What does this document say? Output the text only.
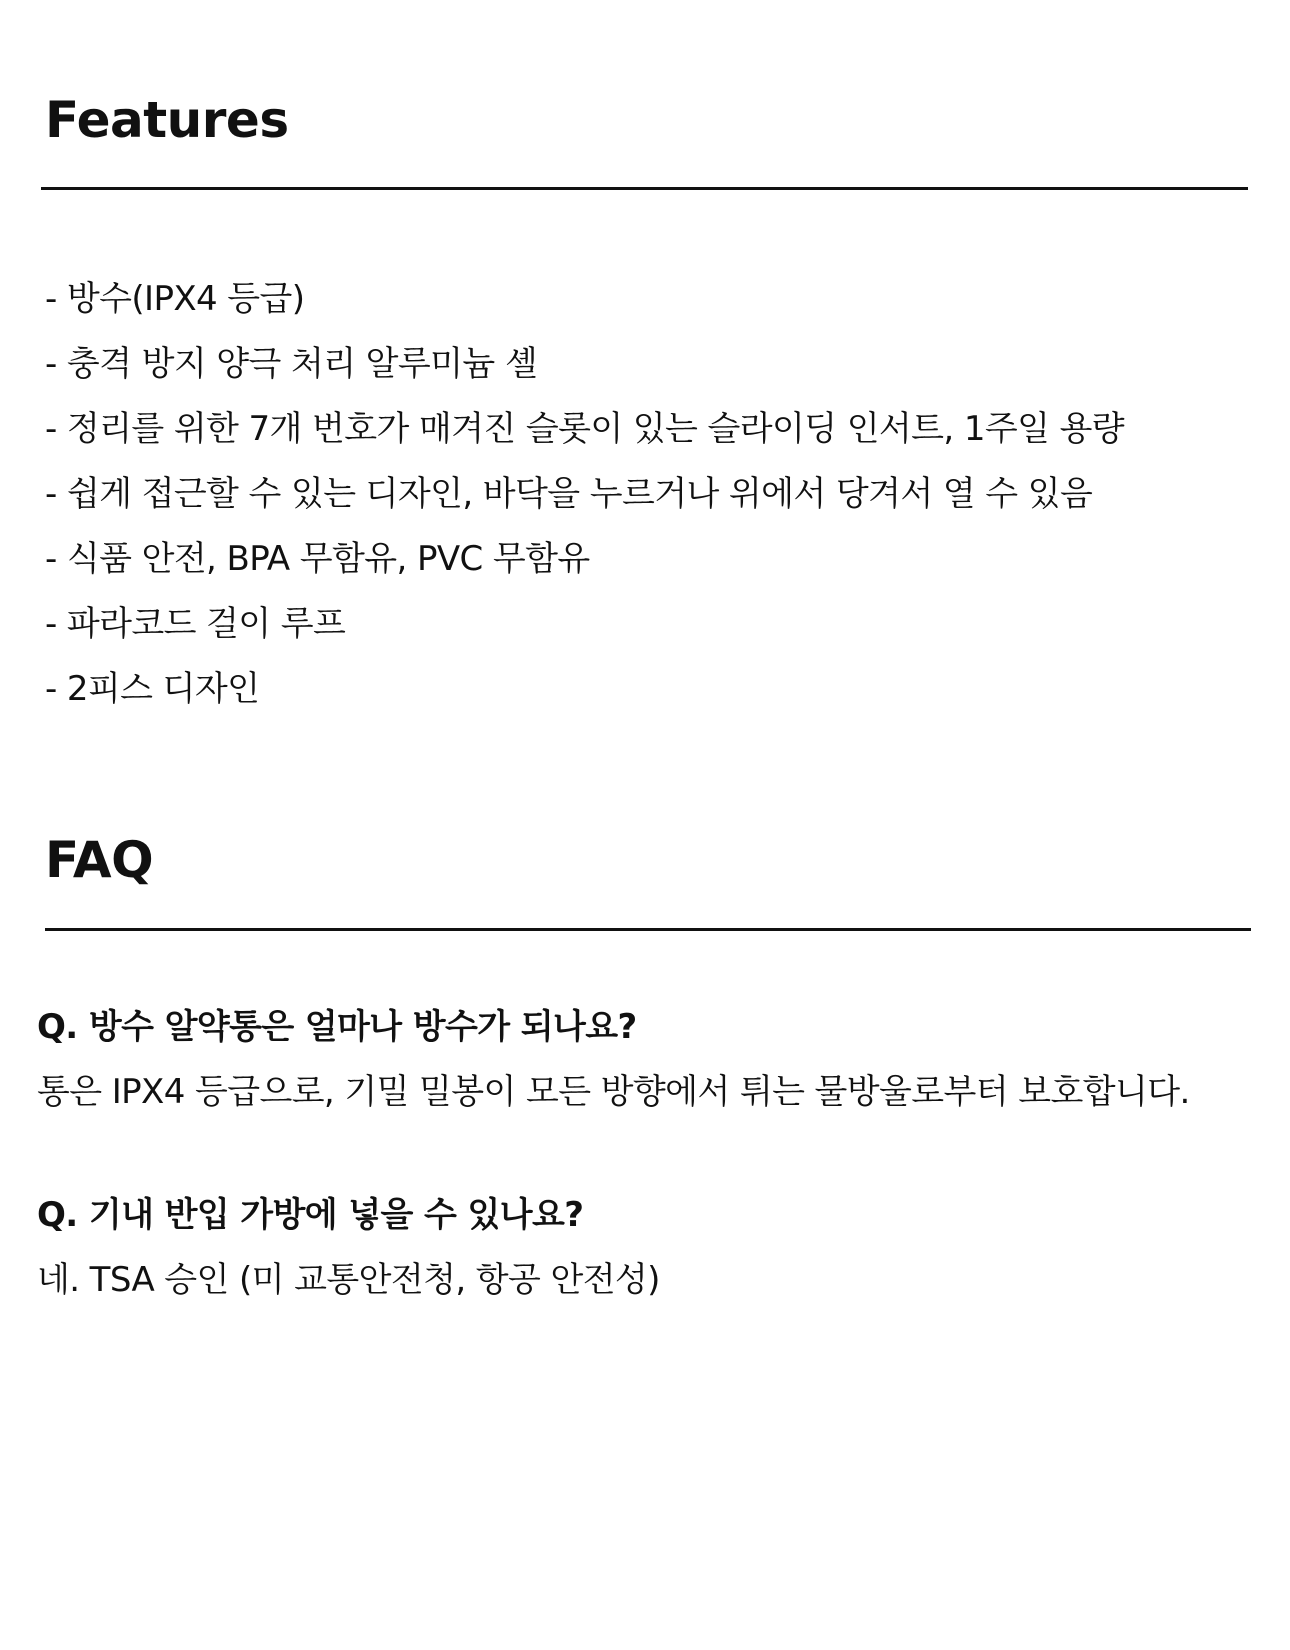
Features
- 방수(IPX4 등급)
- 충격 방지 양극 처리 알루미늄 셸
- 정리를 위한 7개 번호가 매겨진 슬롯이 있는 슬라이딩 인서트, 1주일 용량
- 쉽게 접근할 수 있는 디자인, 바닥을 누르거나 위에서 당겨서 열 수 있음
- 식품 안전, BPA 무함유, PVC 무함유
- 파라코드 걸이 루프
- 2피스 디자인
FAQ
Q. 방수 알약통은 얼마나 방수가 되나요?
통은 IPX4 등급으로, 기밀 밀봉이 모든 방향에서 튀는 물방울로부터 보호합니다.
Q. 기내 반입 가방에 넣을 수 있나요?
네. TSA 승인 (미 교통안전청, 항공 안전성)
